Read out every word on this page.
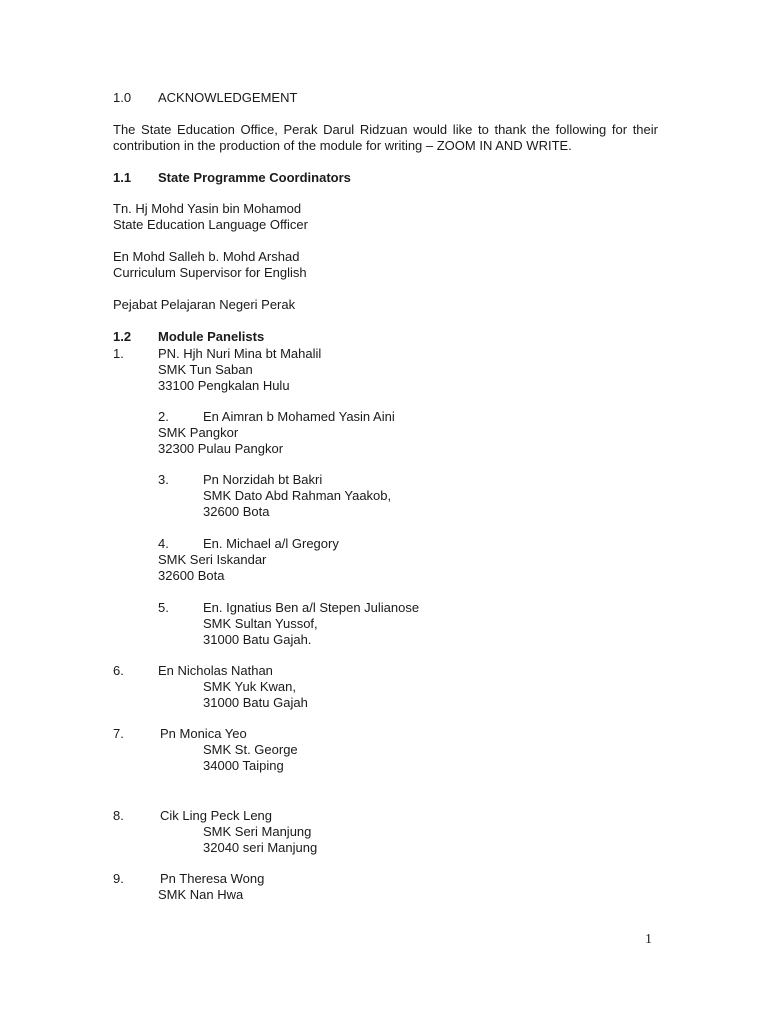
1.0 ACKNOWLEDGEMENT
The State Education Office, Perak Darul Ridzuan would like to thank the following for their contribution in the production of the module for writing – ZOOM IN AND WRITE.
1.1 State Programme Coordinators
Tn. Hj Mohd Yasin bin Mohamod
State Education Language Officer
En Mohd Salleh b. Mohd Arshad
Curriculum Supervisor for English
Pejabat Pelajaran Negeri Perak
1.2 Module Panelists
1.	PN. Hjh Nuri Mina bt Mahalil
SMK Tun Saban
33100 Pengkalan Hulu
2.	En Aimran b Mohamed Yasin Aini
SMK Pangkor
32300 Pulau Pangkor
3.	Pn Norzidah bt Bakri
SMK Dato Abd Rahman Yaakob,
32600 Bota
4.	En. Michael a/l Gregory
SMK Seri Iskandar
32600 Bota
5.	En. Ignatius Ben a/l Stepen Julianose
SMK Sultan Yussof,
31000 Batu Gajah.
6.	En Nicholas Nathan
SMK Yuk Kwan,
31000 Batu Gajah
7.	Pn Monica Yeo
SMK St. George
34000 Taiping
8.	Cik Ling Peck Leng
SMK Seri Manjung
32040 seri Manjung
9.	Pn Theresa Wong
SMK Nan Hwa
1
